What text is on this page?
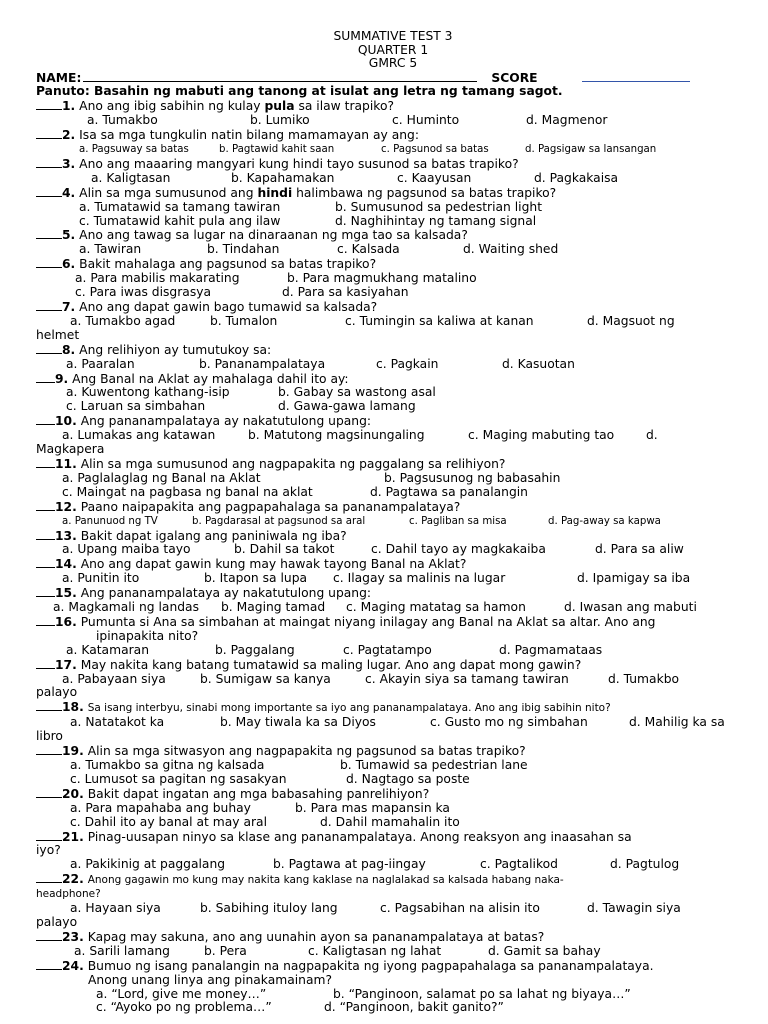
SUMMATIVE TEST 3
QUARTER 1
GMRC 5
NAME:	SCORE
Panuto: Basahin ng mabuti ang tanong at isulat ang letra ng tamang sagot.
1. Ano ang ibig sabihin ng kulay pula sa ilaw trapiko?
a. Tumakbo	b. Lumiko	c. Huminto	d. Magmenor
2. Isa sa mga tungkulin natin bilang mamamayan ay ang:
a. Pagsuway sa batas	b. Pagtawid kahit saan	c. Pagsunod sa batas	d. Pagsigaw sa lansangan
3. Ano ang maaaring mangyari kung hindi tayo susunod sa batas trapiko?
a. Kaligtasan	b. Kapahamakan	c. Kaayusan	d. Pagkakaisa
4. Alin sa mga sumusunod ang hindi halimbawa ng pagsunod sa batas trapiko?
a. Tumatawid sa tamang tawiran	b. Sumusunod sa pedestrian light
c. Tumatawid kahit pula ang ilaw	d. Naghihintay ng tamang signal
5. Ano ang tawag sa lugar na dinaraanan ng mga tao sa kalsada?
a. Tawiran	b. Tindahan	c. Kalsada	d. Waiting shed
6. Bakit mahalaga ang pagsunod sa batas trapiko?
a. Para mabilis makarating	b. Para magmukhang matalino
c. Para iwas disgrasya	d. Para sa kasiyahan
7. Ano ang dapat gawin bago tumawid sa kalsada?
a. Tumakbo agad	b. Tumalon	c. Tumingin sa kaliwa at kanan	d. Magsuot ng
helmet
8. Ang relihiyon ay tumutukoy sa:
a. Paaralan	b. Pananampalataya	c. Pagkain	d. Kasuotan
9. Ang Banal na Aklat ay mahalaga dahil ito ay:
a. Kuwentong kathang-isip	b. Gabay sa wastong asal
c. Laruan sa simbahan	d. Gawa-gawa lamang
10. Ang pananampalataya ay nakatutulong upang:
a. Lumakas ang katawan	b. Matutong magsinungaling	c. Maging mabuting tao	d.
Magkapera
11. Alin sa mga sumusunod ang nagpapakita ng paggalang sa relihiyon?
a. Paglalaglag ng Banal na Aklat	b. Pagsusunog ng babasahin
c. Maingat na pagbasa ng banal na aklat	d. Pagtawa sa panalangin
12. Paano naipapakita ang pagpapahalaga sa pananampalataya?
a. Panunuod ng TV	b. Pagdarasal at pagsunod sa aral	c. Pagliban sa misa	d. Pag-away sa kapwa
13. Bakit dapat igalang ang paniniwala ng iba?
a. Upang maiba tayo	b. Dahil sa takot	c. Dahil tayo ay magkakaiba	d. Para sa aliw
14. Ano ang dapat gawin kung may hawak tayong Banal na Aklat?
a. Punitin ito	b. Itapon sa lupa	c. Ilagay sa malinis na lugar	d. Ipamigay sa iba
15. Ang pananampalataya ay nakatutulong upang:
a. Magkamali ng landas	b. Maging tamad	c. Maging matatag sa hamon	d. Iwasan ang mabuti
16. Pumunta si Ana sa simbahan at maingat niyang inilagay ang Banal na Aklat sa altar. Ano ang
ipinapakita nito?
a. Katamaran	b. Paggalang	c. Pagtatampo	d. Pagmamataas
17. May nakita kang batang tumatawid sa maling lugar. Ano ang dapat mong gawin?
a. Pabayaan siya	b. Sumigaw sa kanya	c. Akayin siya sa tamang tawiran	d. Tumakbo
palayo
18. Sa isang interbyu, sinabi mong importante sa iyo ang pananampalataya. Ano ang ibig sabihin nito?
a. Natatakot ka	b. May tiwala ka sa Diyos	c. Gusto mo ng simbahan	d. Mahilig ka sa
libro
19. Alin sa mga sitwasyon ang nagpapakita ng pagsunod sa batas trapiko?
a. Tumakbo sa gitna ng kalsada	b. Tumawid sa pedestrian lane
c. Lumusot sa pagitan ng sasakyan	d. Nagtago sa poste
20. Bakit dapat ingatan ang mga babasahing panrelihiyon?
a. Para mapahaba ang buhay	b. Para mas mapansin ka
c. Dahil ito ay banal at may aral	d. Dahil mamahalin ito
21. Pinag-uusapan ninyo sa klase ang pananampalataya. Anong reaksyon ang inaasahan sa
iyo?
a. Pakikinig at paggalang	b. Pagtawa at pag-iingay	c. Pagtalikod	d. Pagtulog
22. Anong gagawin mo kung may nakita kang kaklase na naglalakad sa kalsada habang naka-
headphone?
a. Hayaan siya	b. Sabihing ituloy lang	c. Pagsabihan na alisin ito	d. Tawagin siya
palayo
23. Kapag may sakuna, ano ang uunahin ayon sa pananampalataya at batas?
a. Sarili lamang	b. Pera	c. Kaligtasan ng lahat	d. Gamit sa bahay
24. Bumuo ng isang panalangin na nagpapakita ng iyong pagpapahalaga sa pananampalataya.
Anong unang linya ang pinakamainam?
a. “Lord, give me money…”	b. “Panginoon, salamat po sa lahat ng biyaya…”
c. “Ayoko po ng problema…”	d. “Panginoon, bakit ganito?”
